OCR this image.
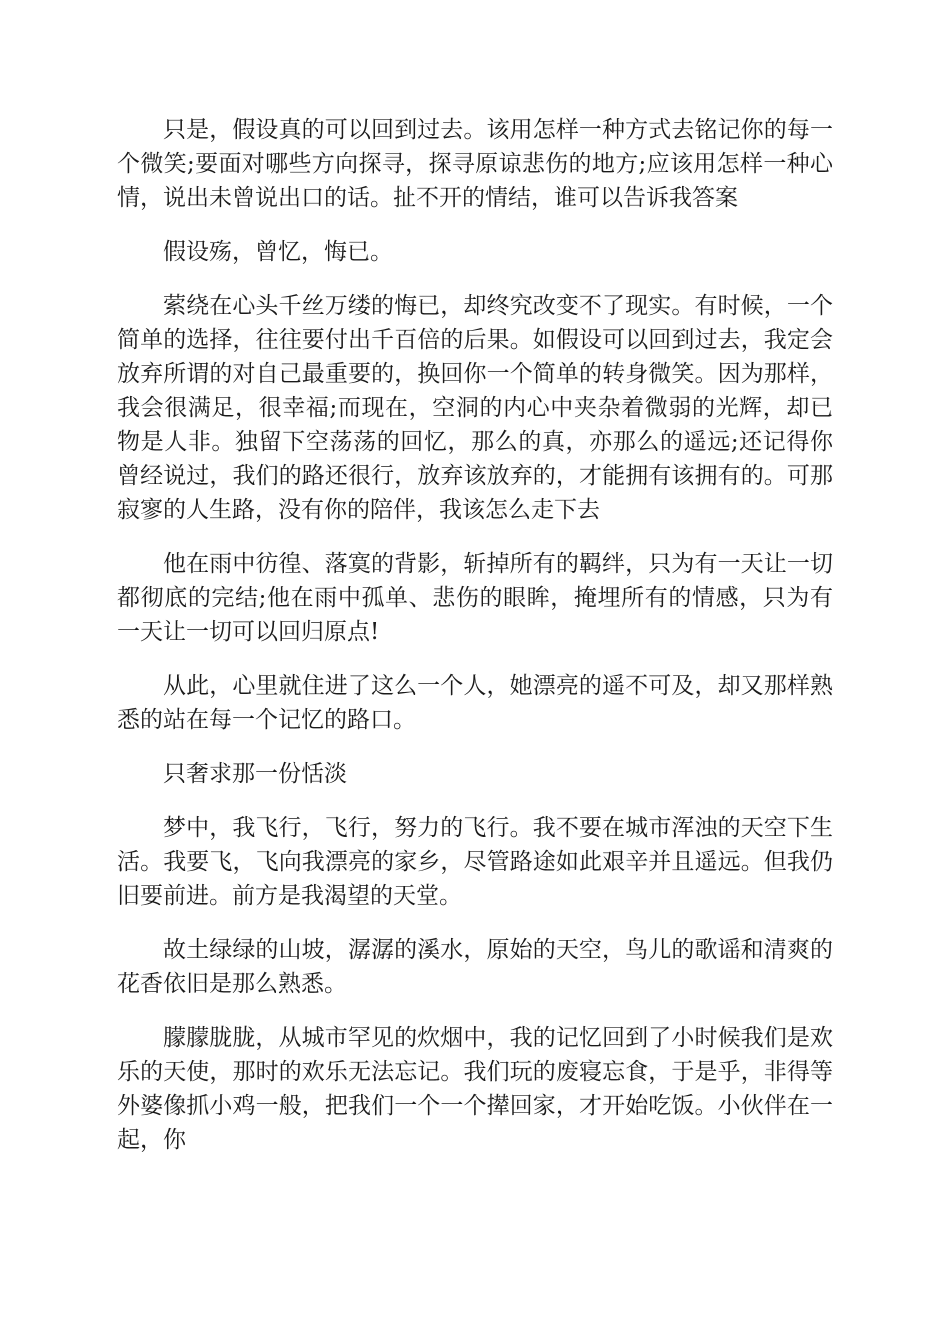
只是，假设真的可以回到过去。该用怎样一种方式去铭记你的每一个微笑;要面对哪些方向探寻，探寻原谅悲伤的地方;应该用怎样一种心情，说出未曾说出口的话。扯不开的情结，谁可以告诉我答案

假设殇，曾忆，悔已。

萦绕在心头千丝万缕的悔已，却终究改变不了现实。有时候，一个简单的选择，往往要付出千百倍的后果。如假设可以回到过去，我定会放弃所谓的对自己最重要的，换回你一个简单的转身微笑。因为那样，我会很满足，很幸福;而现在，空洞的内心中夹杂着微弱的光辉，却已物是人非。独留下空荡荡的回忆，那么的真，亦那么的遥远;还记得你曾经说过，我们的路还很行，放弃该放弃的，才能拥有该拥有的。可那寂寥的人生路，没有你的陪伴，我该怎么走下去

他在雨中彷徨、落寞的背影，斩掉所有的羁绊，只为有一天让一切都彻底的完结;他在雨中孤单、悲伤的眼眸，掩埋所有的情感，只为有一天让一切可以回归原点!

从此，心里就住进了这么一个人，她漂亮的遥不可及，却又那样熟悉的站在每一个记忆的路口。

只奢求那一份恬淡

梦中，我飞行，飞行，努力的飞行。我不要在城市浑浊的天空下生活。我要飞，飞向我漂亮的家乡，尽管路途如此艰辛并且遥远。但我仍旧要前进。前方是我渴望的天堂。

故土绿绿的山坡，潺潺的溪水，原始的天空，鸟儿的歌谣和清爽的花香依旧是那么熟悉。

朦朦胧胧，从城市罕见的炊烟中，我的记忆回到了小时候我们是欢乐的天使，那时的欢乐无法忘记。我们玩的废寝忘食，于是乎，非得等外婆像抓小鸡一般，把我们一个一个撵回家，才开始吃饭。小伙伴在一起，你
